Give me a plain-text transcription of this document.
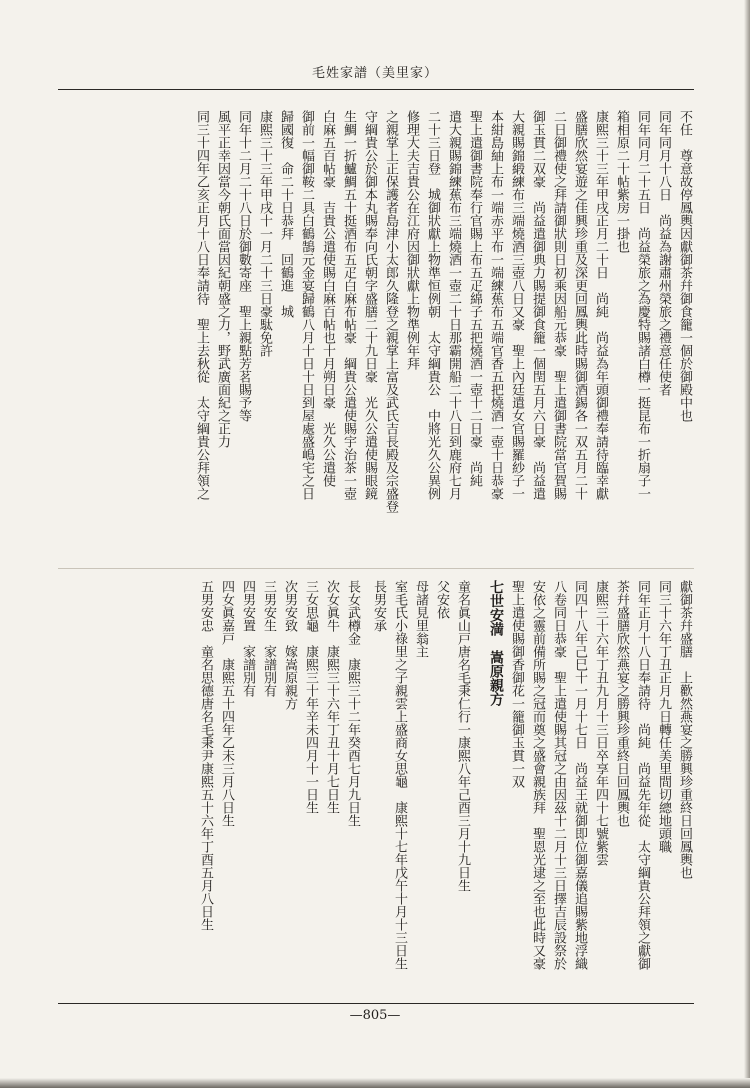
毛姓家譜（美里家）
不任　尊意故停鳳輿因獻御茶幷御食籠一個於御殿中也
同年同月十八日　尚益為謝肅州榮旅之禮意任使者
同年同月二十五日　尚益榮旅之為慶特賜諸白樽一挺昆布一折扇子一
箱相原二十帖紫房一掛也
康熙三十三年甲戌正月二十日　尚純　尚益為年頭御禮奉請待臨幸獻
盛膳欣然宴遊之佳興珍重及深更回鳳輿此時賜御酒錫各一双五月二十
二日御禮使之拜請御狀則日初乘因船元恭豪　聖上遣御書院當官賀賜
御玉貫二双豪　尚益遣御典力賜提御食籠一個閏五月六日豪　尚益遣
大親賜錦緞練布三端燒酒三壺八日又豪　聖上內廷遣女官賜羅紗子一
本紺島紬上布一端赤平布一端練蕉布五端官香五把燒酒一壺十日恭豪
聖上遣御書院奉行官賜上布五疋綿子五把燒酒一壺十二日豪　尚純
遣大親賜錦練蕉布三端燒酒一壺二十日那霸開船二十八日到鹿府七月
二十三日登　城御狀獻上物準恒例朝　太守綱貴公　中將光久公異例
修理大夫吉貴公在江府因御狀獻上物準例年拜
之親掌上正保護者島津小太郎久隆登之親掌上富及武氏吉長殿及宗盛登
守綱貴公於御本丸賜奉向氏朝字盛膳二十九日豪　光久公遣使賜眼鏡
生鯛一折鱸鯛五十挺酒布五疋白麻布帖豪　綱貴公遣使賜宇治茶一壺
白麻五百帖豪　吉貴公遣使賜白麻百帖也十月朔日豪　光久公遣使
御前一幅御鞍二具白鶴鵠元金宴歸鶴八月十日十日到屋處盛嶋宅之日
歸國復　命二十日恭拜　回鶴進　城
康熙三十三年甲戌十一月二十三日豪駄免許
同年十二月二十八日於御數寄座　聖上親點芳茗賜予等
風平正幸因當今朝氏面當因紀朝盛之力，野武廣面紀之正力
同三十四年乙亥正月十八日奉請待　聖上去秋從　太守綱貴公拜領之
獻御茶幷盛膳　上歡然燕宴之勝興珍重終日回鳳輿也
同三十六年丁丑正月九日轉任美里間切總地頭職
同年正月十八日奉請待　尚純　尚益先年從　太守綱貴公拜領之獻御
茶幷盛膳欣然燕宴之勝興珍重終日回鳳輿也
康熙三十六年丁丑九月十三日卒享年四十七號紫雲
同四十八年己巳十一月十七日　尚益王就御即位御嘉儀追賜紫地浮織
八卷同日恭豪　聖上遣使賜其冠之由因茲十二月十三日擇吉辰設祭於
安依之靈前備所賜之冠而奠之盛會親族拜　聖恩光逮之至也此時又豪
聖上遣使賜御香御花一籠御玉貫一双
七世安満　嵩原親方
童名眞山戸唐名毛秉仁行一康熙八年己酉三月十九日生
父安依
母諸見里翁主
室毛氏小祿里之子親雲上盛商女思龜　康熙十七年戊午十月十三日生
長男安承
長女武樽金　康熙三十二年癸酉七月九日生
次女眞牛　康熙三十六年丁丑十月七日生
三女思龜　康熙三十年辛未四月十一日生
次男安致　嫁嵩原親方
三男安生　家譜別有
四男安置　家譜別有
四女眞嘉戸　康熙五十四年乙未三月八日生
五男安忠　童名思德唐名毛秉尹康熙五十六年丁酉五月八日生
—805—
